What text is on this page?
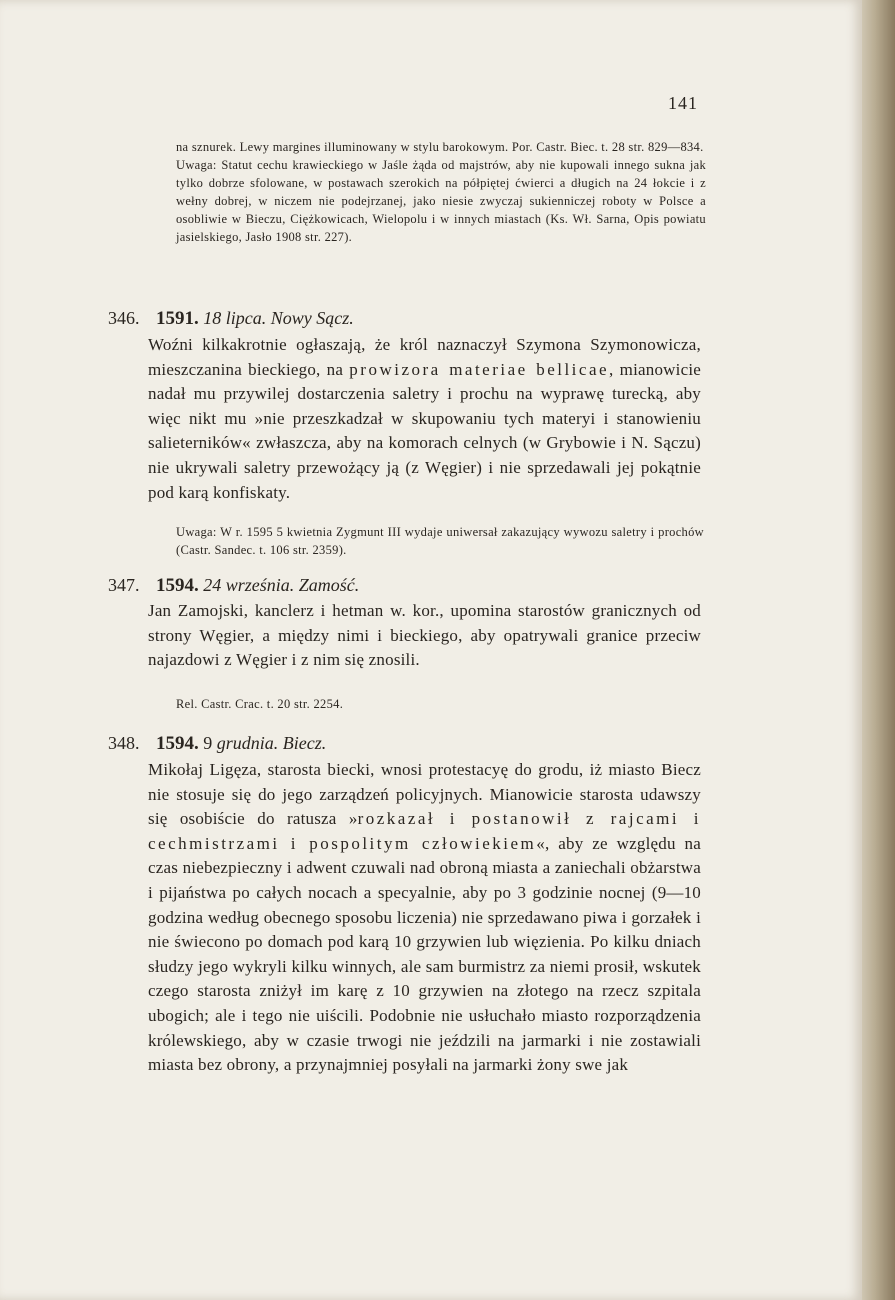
141

na sznurek. Lewy margines illuminowany w stylu barokowym. Por. Castr. Biec. t. 28 str. 829—834.

Uwaga: Statut cechu krawieckiego w Jaśle żąda od majstrów, aby nie kupowali innego sukna jak tylko dobrze sfolowane, w postawach szerokich na półpiętej ćwierci a długich na 24 łokcie i z wełny dobrej, w niczem nie podejrzanej, jako niesie zwyczaj sukienniczej roboty w Polsce a osobliwie w Bieczu, Ciężkowicach, Wielopolu i w innych miastach (Ks. Wł. Sarna, Opis powiatu jasielskiego, Jasło 1908 str. 227).

346. 1591. 18 lipca. Nowy Sącz.

Woźni kilkakrotnie ogłaszają, że król naznaczył Szymona Szymonowicza, mieszczanina bieckiego, na prowizora materiae bellicae, mianowicie nadał mu przywilej dostarczenia saletry i prochu na wyprawę turecką, aby więc nikt mu »nie przeszkadzał w skupowaniu tych materyi i stanowieniu salieterników« zwłaszcza, aby na komorach celnych (w Grybowie i N. Sączu) nie ukrywali saletry przewożący ją (z Węgier) i nie sprzedawali jej pokątnie pod karą konfiskaty.

Uwaga: W r. 1595 5 kwietnia Zygmunt III wydaje uniwersał zakazujący wywozu saletry i prochów (Castr. Sandec. t. 106 str. 2359).
347. 1594. 24 września. Zamość.
Jan Zamojski, kanclerz i hetman w. kor., upomina starostów granicznych od strony Węgier, a między nimi i bieckiego, aby opatrywali granice przeciw najazdowi z Węgier i z nim się znosili.
Rel. Castr. Crac. t. 20 str. 2254.
348. 1594. 9 grudnia. Biecz.

Mikołaj Ligęza, starosta biecki, wnosi protestacyę do grodu, iż miasto Biecz nie stosuje się do jego zarządzeń policyjnych. Mianowicie starosta udawszy się osobiście do ratusza »rozkazał i postanowił z rajcami i cechmistrzami i pospolitym człowiekiem«, aby ze względu na czas niebezpieczny i adwent czuwali nad obroną miasta a zaniechali obżarstwa i pijaństwa po całych nocach a specyalnie, aby po 3 godzinie nocnej (9—10 godzina według obecnego sposobu liczenia) nie sprzedawano piwa i gorzałek i nie świecono po domach pod karą 10 grzywien lub więzienia. Po kilku dniach słudzy jego wykryli kilku winnych, ale sam burmistrz za niemi prosił, wskutek czego starosta zniżył im karę z 10 grzywien na złotego na rzecz szpitala ubogich; ale i tego nie uiścili. Podobnie nie usłuchało miasto rozporządzenia królewskiego, aby w czasie trwogi nie jeździli na jarmarki i nie zostawiali miasta bez obrony, a przynajmniej posyłali na jarmarki żony swe jak
